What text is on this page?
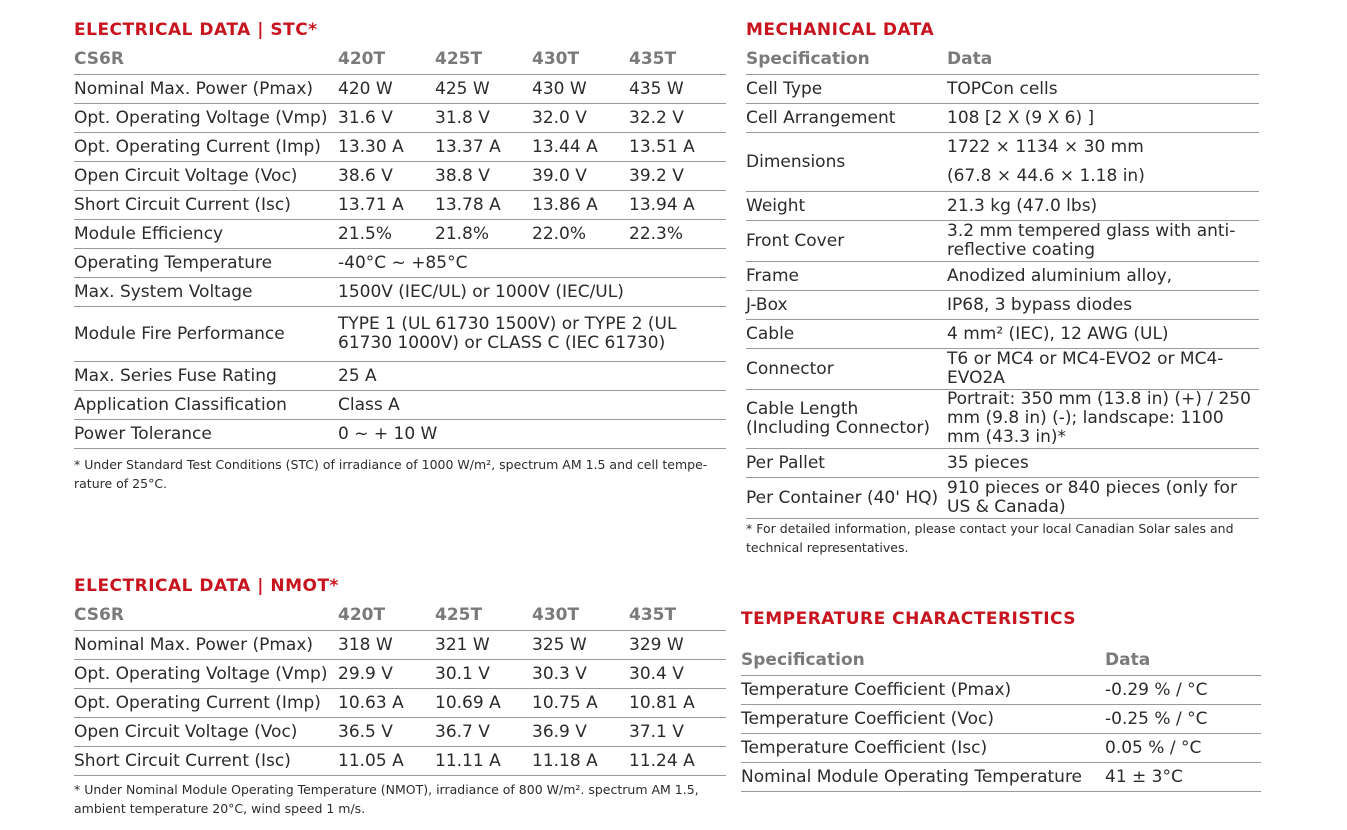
ELECTRICAL DATA | STC*
CS6R	420T	425T	430T	435T
Nominal Max. Power (Pmax)	420 W	425 W	430 W	435 W
Opt. Operating Voltage (Vmp)	31.6 V	31.8 V	32.0 V	32.2 V
Opt. Operating Current (Imp)	13.30 A	13.37 A	13.44 A	13.51 A
Open Circuit Voltage (Voc)	38.6 V	38.8 V	39.0 V	39.2 V
Short Circuit Current (Isc)	13.71 A	13.78 A	13.86 A	13.94 A
Module Efficiency	21.5%	21.8%	22.0%	22.3%
Operating Temperature	-40°C ~ +85°C			
Max. System Voltage	1500V (IEC/UL) or 1000V (IEC/UL)			
Module Fire Performance	TYPE 1 (UL 61730 1500V) or TYPE 2 (UL 61730 1000V) or CLASS C (IEC 61730)			
Max. Series Fuse Rating	25 A			
Application Classification	Class A			
Power Tolerance	0 ~ + 10 W			
* Under Standard Test Conditions (STC) of irradiance of 1000 W/m², spectrum AM 1.5 and cell tempe-rature of 25°C.
ELECTRICAL DATA | NMOT*
CS6R	420T	425T	430T	435T
Nominal Max. Power (Pmax)	318 W	321 W	325 W	329 W
Opt. Operating Voltage (Vmp)	29.9 V	30.1 V	30.3 V	30.4 V
Opt. Operating Current (Imp)	10.63 A	10.69 A	10.75 A	10.81 A
Open Circuit Voltage (Voc)	36.5 V	36.7 V	36.9 V	37.1 V
Short Circuit Current (Isc)	11.05 A	11.11 A	11.18 A	11.24 A
* Under Nominal Module Operating Temperature (NMOT), irradiance of 800 W/m². spectrum AM 1.5, ambient temperature 20°C, wind speed 1 m/s.
MECHANICAL DATA
Specification	Data
Cell Type	TOPCon cells
Cell Arrangement	108 [2 X (9 X 6) ]
Dimensions	1722 × 1134 × 30 mm
(67.8 × 44.6 × 1.18 in)

Weight	21.3 kg (47.0 lbs)
Front Cover	3.2 mm tempered glass with anti-reflective coating
Frame	Anodized aluminium alloy,
J-Box	IP68, 3 bypass diodes
Cable	4 mm² (IEC), 12 AWG (UL)
Connector	T6 or MC4 or MC4-EVO2 or MC4-EVO2A
Cable Length (Including Connector)	Portrait: 350 mm (13.8 in) (+) / 250 mm (9.8 in) (-); landscape: 1100 mm (43.3 in)*
Per Pallet	35 pieces
Per Container (40' HQ)	910 pieces or 840 pieces (only for US & Canada)
* For detailed information, please contact your local Canadian Solar sales and technical representatives.
TEMPERATURE CHARACTERISTICS
Specification	Data
Temperature Coefficient (Pmax)	-0.29 % / °C
Temperature Coefficient (Voc)	-0.25 % / °C
Temperature Coefficient (Isc)	0.05 % / °C
Nominal Module Operating Temperature	41 ± 3°C
